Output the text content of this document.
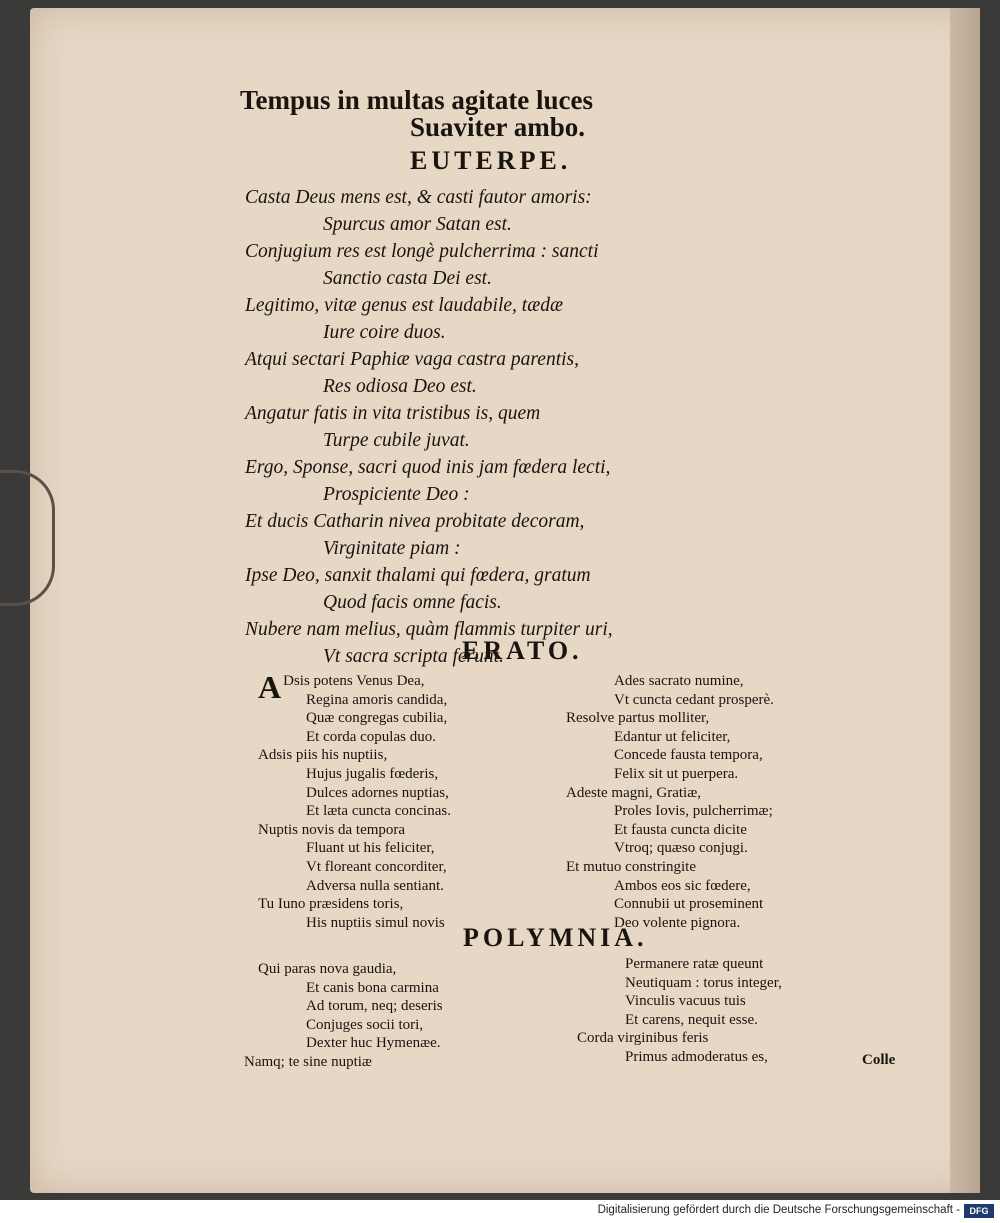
Tempus in multas agitate luces
Suaviter ambo.
EUTERPE.
Casta Deus mens est, & casti fautor amoris:
Spurcus amor Satan est.
Conjugium res est longè pulcherrima : sancti
Sanctio casta Dei est.
Legitimo, vitæ genus est laudabile, tædæ
Iure coire duos.
Atqui sectari Paphiæ vaga castra parentis,
Res odiosa Deo est.
Angatur fatis in vita tristibus is, quem
Turpe cubile juvat.
Ergo, Sponse, sacri quod inis jam fœdera lecti,
Prospiciente Deo :
Et ducis Catharin nivea probitate decoram,
Virginitate piam :
Ipse Deo, sanxit thalami qui fœdera, gratum
Quod facis omne facis.
Nubere nam melius, quàm flammis turpiter uri,
Vt sacra scripta ferunt.
ERATO.
A Dsis potens Venus Dea,
Regina amoris candida,
Quæ congregas cubilia,
Et corda copulas duo.
Adsis piis his nuptiis,
Hujus jugalis fœderis,
Dulces adornes nuptias,
Et læta cuncta concinas.
Nuptis novis da tempora
Fluant ut his feliciter,
Vt floreant concorditer,
Adversa nulla sentiant.
Tu Iuno præsidens toris,
His nuptiis simul novis
Ades sacrato numine,
Vt cuncta cedant prosperè.
Resolve partus molliter,
Edantur ut feliciter,
Concede fausta tempora,
Felix sit ut puerpera.
Adeste magni, Gratiæ,
Proles Iovis, pulcherrimæ;
Et fausta cuncta dicite
Vtroq; quæso conjugi.
Et mutuo constringite
Ambos eos sic fœdere,
Connubii ut proseminent
Deo volente pignora.
POLYMNIA.
Qui paras nova gaudia,
Et canis bona carmina
Ad torum, neq; deseris
Conjuges socii tori,
Dexter huc Hymenæe.
Namq; te sine nuptiæ
Permanere ratæ queunt
Neutiquam : torus integer,
Vinculis vacuus tuis
Et carens, nequit esse.
Corda virginibus feris
Primus admoderatus es,	Colle
Digitalisierung gefördert durch die Deutsche Forschungsgemeinschaft -	DFG
